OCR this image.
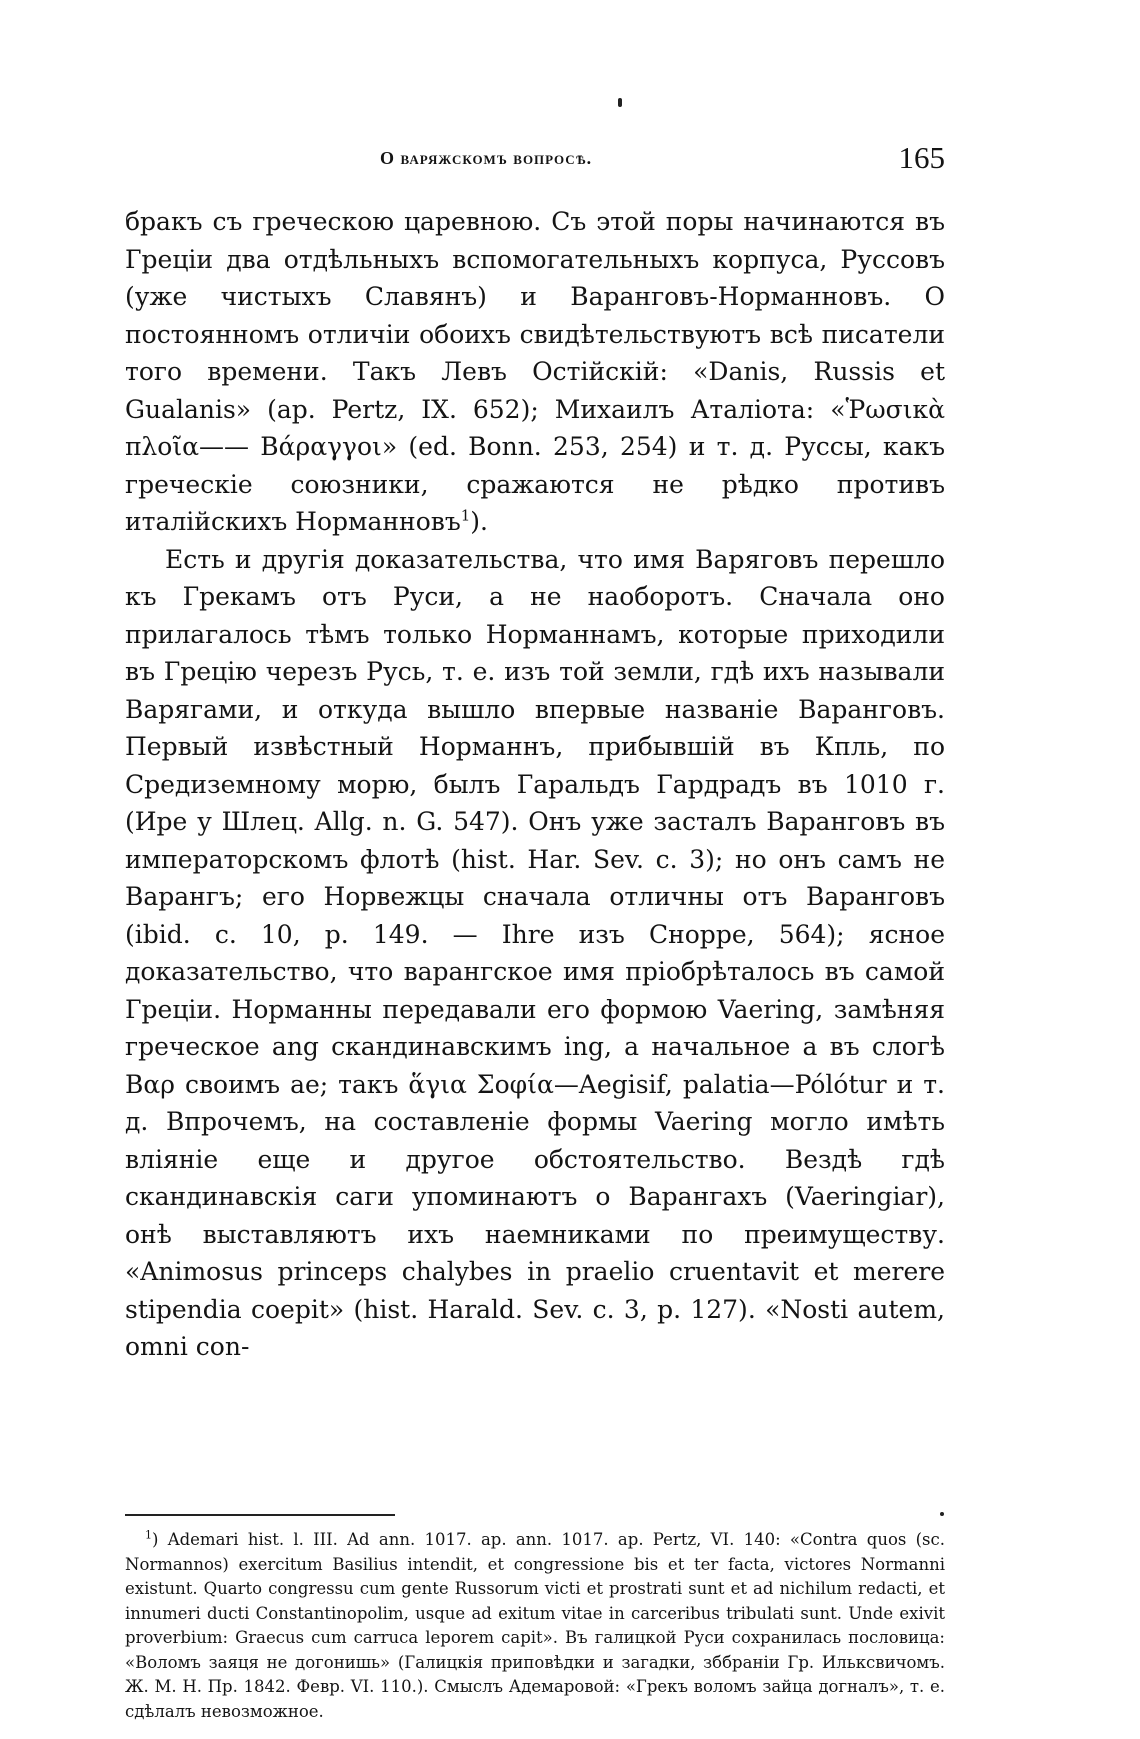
О варяжскомъ вопросѣ.	165

бракъ съ греческою царевною. Съ этой поры начинаются въ Греціи два отдѣльныхъ вспомогательныхъ корпуса, Руссовъ (уже чистыхъ Славянъ) и Варанговъ-Норманновъ. О постоянномъ отличіи обоихъ свидѣтельствуютъ всѣ писатели того времени. Такъ Левъ Остійскій: «Danis, Russis et Gualanis» (ap. Pertz, IX. 652); Михаилъ Аталіота: «Ῥωσικὰ πλοῖα—— Βάραγγοι» (ed. Bonn. 253, 254) и т. д. Руссы, какъ греческіе союзники, сражаются не рѣдко противъ италійскихъ Норманновъ$^1$).

Есть и другія доказательства, что имя Варяговъ перешло къ Грекамъ отъ Руси, а не наоборотъ. Сначала оно прилагалось тѣмъ только Норманнамъ, которые приходили въ Грецію черезъ Русь, т. е. изъ той земли, гдѣ ихъ называли Варягами, и откуда вышло впервые названіе Варанговъ. Первый извѣстный Норманнъ, прибывшій въ Кпль, по Средиземному морю, былъ Гаральдъ Гардрадъ въ 1010 г. (Ире у Шлец. Allg. n. G. 547). Онъ уже засталъ Варанговъ въ императорскомъ флотѣ (hist. Har. Sev. c. 3); но онъ самъ не Варангъ; его Норвежцы сначала отличны отъ Варанговъ (ibid. c. 10, p. 149. — Ihre изъ Снорре, 564); ясное доказательство, что варангское имя пріобрѣталось въ самой Греціи. Норманны передавали его формою Vaering, замѣняя греческое ang скандинавскимъ ing, а начальное a въ слогѣ Βαρ своимъ ae; такъ ἅγια Σοφία—Aegisif, palatia—Pólótur и т. д. Впрочемъ, на составленіе формы Vaering могло имѣть вліяніе еще и другое обстоятельство. Вездѣ гдѣ скандинавскія саги упоминаютъ о Варангахъ (Vaeringiar), онѣ выставляютъ ихъ наемниками по преимуществу. «Animosus princeps chalybes in praelio cruentavit et merere stipendia coepit» (hist. Harald. Sev. c. 3, p. 127). «Nosti autem, omni con-

$^1$) Ademari hist. l. III. Ad ann. 1017. ap. ann. 1017. ap. Pertz, VI. 140: «Contra quos (sc. Normannos) exercitum Basilius intendit, et congressione bis et ter facta, victores Normanni existunt. Quarto congressu cum gente Russorum victi et prostrati sunt et ad nichilum redacti, et innumeri ducti Constantinopolim, usque ad exitum vitae in carceribus tribulati sunt. Unde exivit proverbium: Graecus cum carruca leporem capit». Въ галицкой Руси сохранилась пословица: «Воломъ заяця не догонишь» (Галицкія приповѣдки и загадки, зббранiи Гр. Ильксвичомъ. Ж. М. Н. Пр. 1842. Февр. VI. 110.). Смыслъ Адемаровой: «Грекъ воломъ зайца догналъ», т. е. сдѣлалъ невозможное.
